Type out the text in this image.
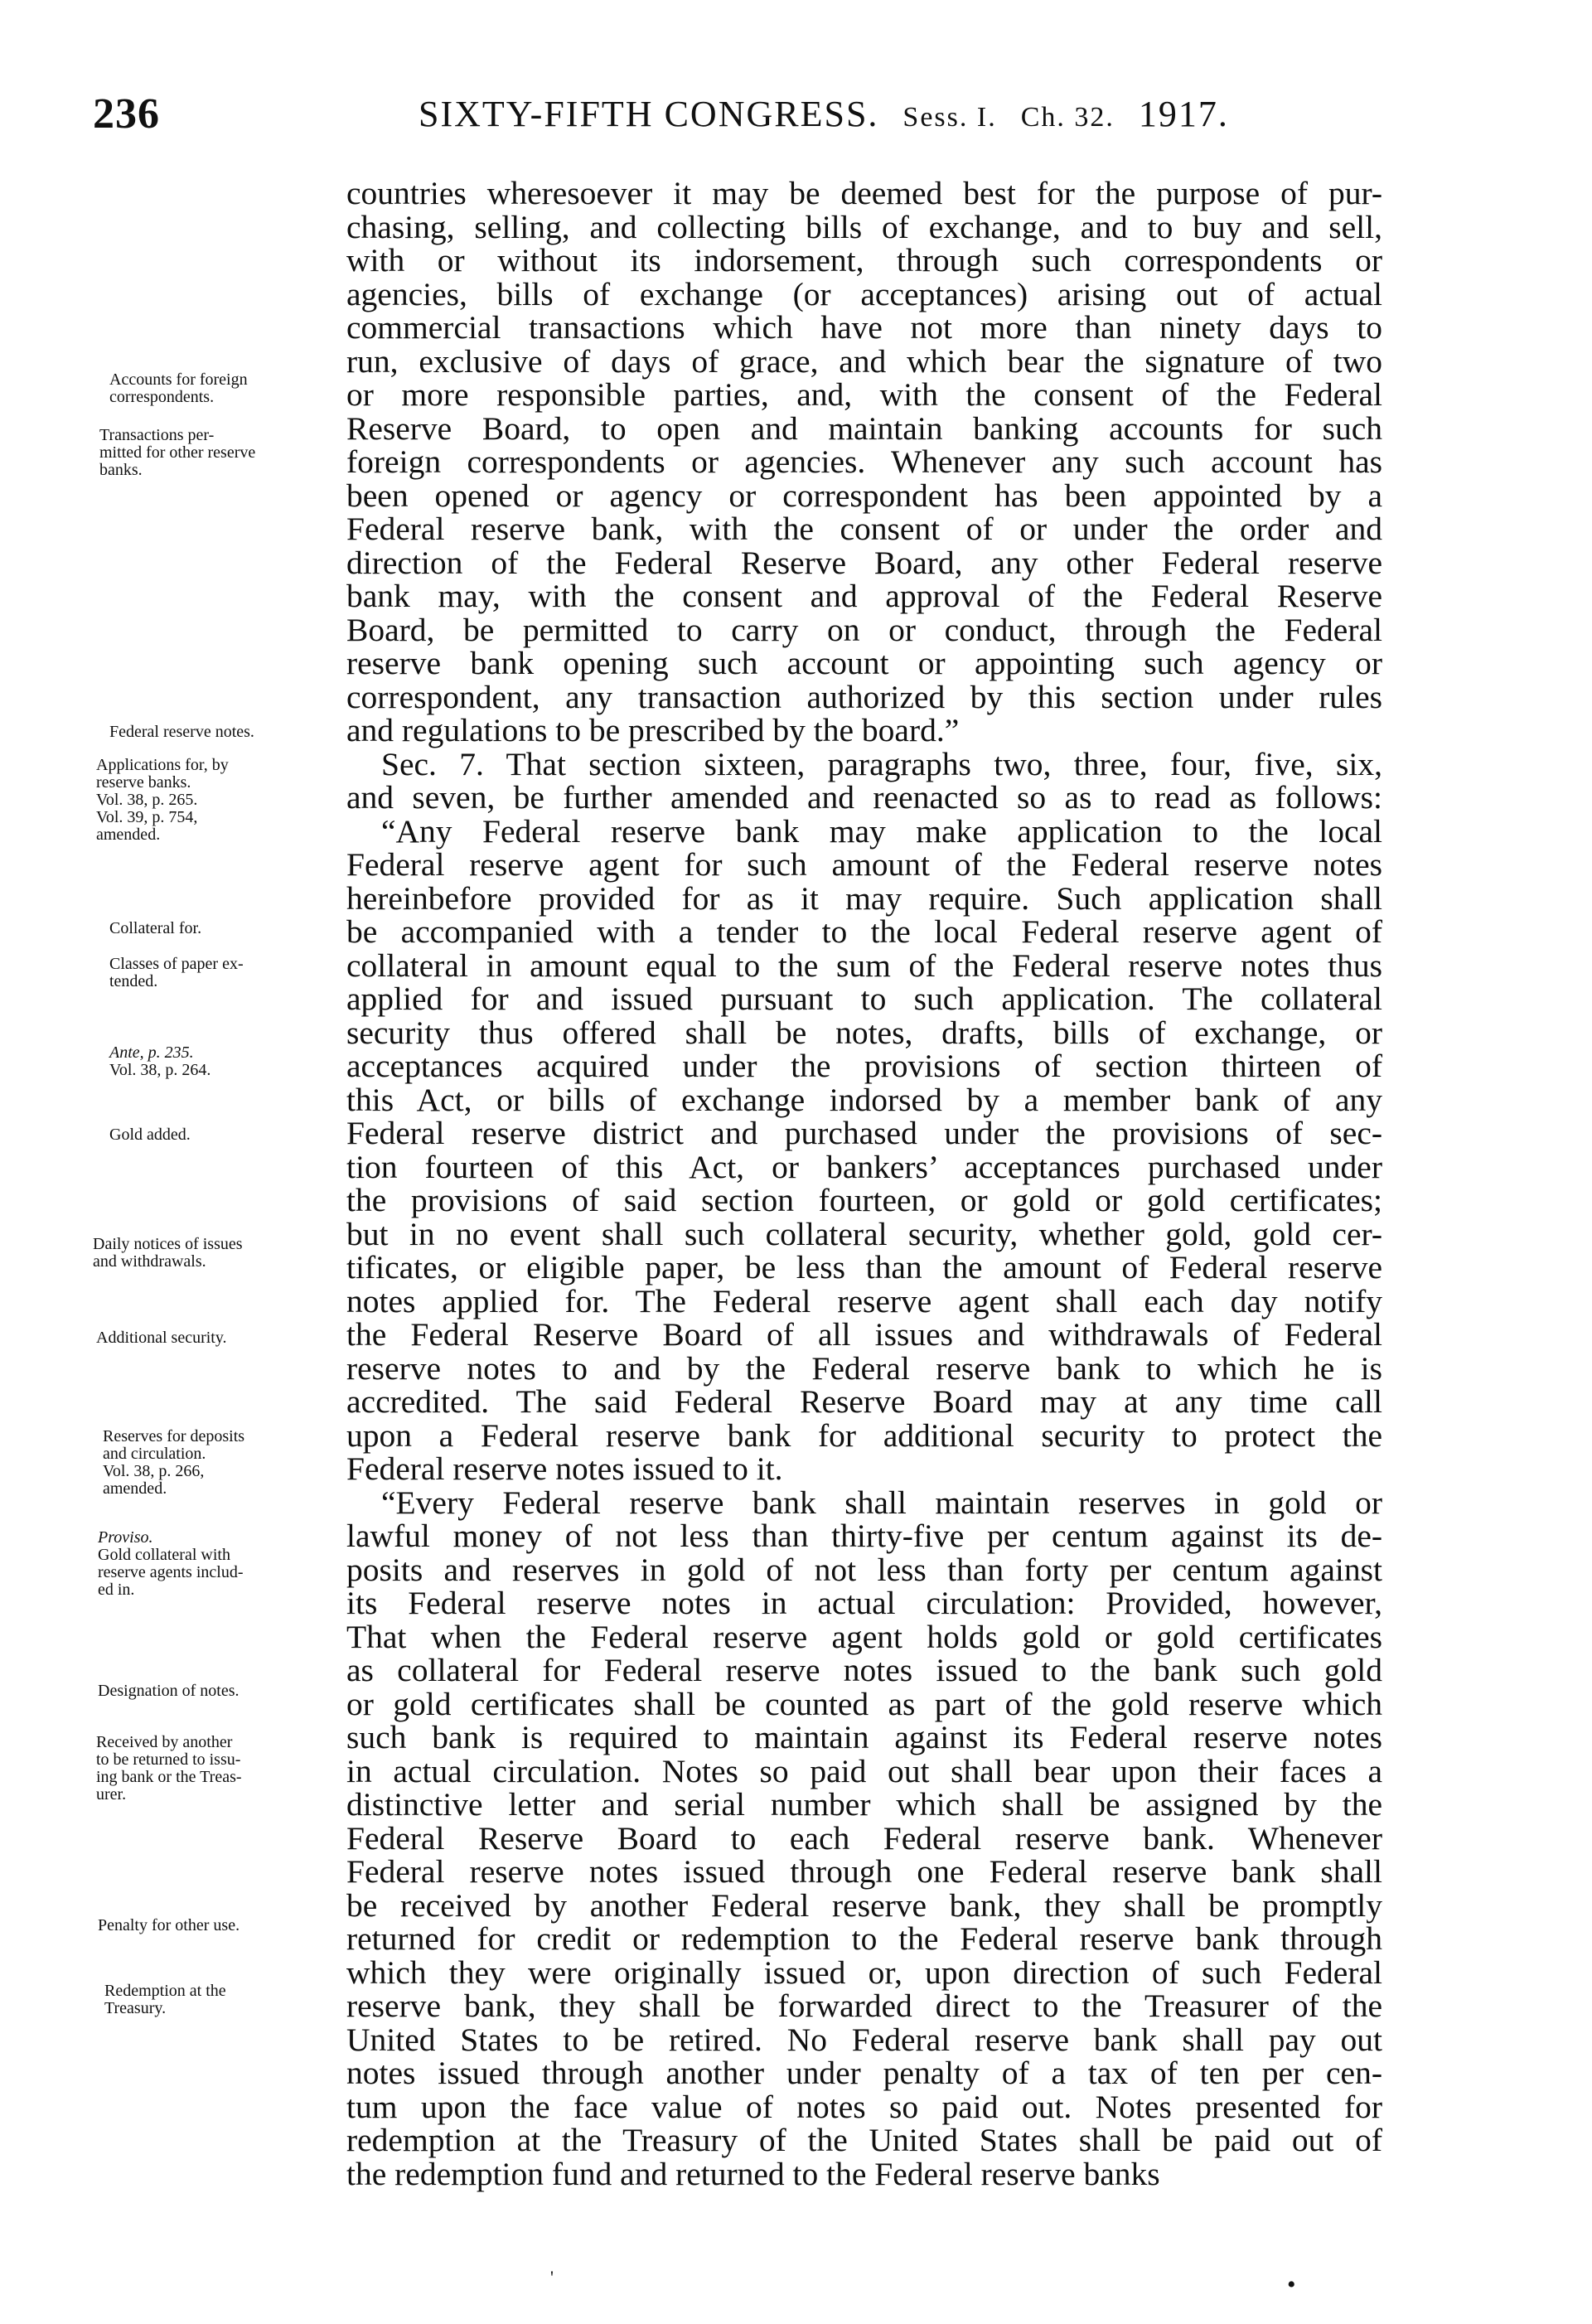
236	SIXTY-FIFTH CONGRESS. Sess. I. Ch. 32. 1917.
countries wheresoever it may be deemed best for the purpose of pur-
chasing, selling, and collecting bills of exchange, and to buy and sell,
with or without its indorsement, through such correspondents or
agencies, bills of exchange (or acceptances) arising out of actual
commercial transactions which have not more than ninety days to
run, exclusive of days of grace, and which bear the signature of two
or more responsible parties, and, with the consent of the Federal
Reserve Board, to open and maintain banking accounts for such
foreign correspondents or agencies. Whenever any such account has
been opened or agency or correspondent has been appointed by a
Federal reserve bank, with the consent of or under the order and
direction of the Federal Reserve Board, any other Federal reserve
bank may, with the consent and approval of the Federal Reserve
Board, be permitted to carry on or conduct, through the Federal
reserve bank opening such account or appointing such agency or
correspondent, any transaction authorized by this section under rules
and regulations to be prescribed by the board.”
Sec. 7. That section sixteen, paragraphs two, three, four, five, six,
and seven, be further amended and reenacted so as to read as follows:
“Any Federal reserve bank may make application to the local
Federal reserve agent for such amount of the Federal reserve notes
hereinbefore provided for as it may require. Such application shall
be accompanied with a tender to the local Federal reserve agent of
collateral in amount equal to the sum of the Federal reserve notes thus
applied for and issued pursuant to such application. The collateral
security thus offered shall be notes, drafts, bills of exchange, or
acceptances acquired under the provisions of section thirteen of
this Act, or bills of exchange indorsed by a member bank of any
Federal reserve district and purchased under the provisions of sec-
tion fourteen of this Act, or bankers’ acceptances purchased under
the provisions of said section fourteen, or gold or gold certificates;
but in no event shall such collateral security, whether gold, gold cer-
tificates, or eligible paper, be less than the amount of Federal reserve
notes applied for. The Federal reserve agent shall each day notify
the Federal Reserve Board of all issues and withdrawals of Federal
reserve notes to and by the Federal reserve bank to which he is
accredited. The said Federal Reserve Board may at any time call
upon a Federal reserve bank for additional security to protect the
Federal reserve notes issued to it.
“Every Federal reserve bank shall maintain reserves in gold or
lawful money of not less than thirty-five per centum against its de-
posits and reserves in gold of not less than forty per centum against
its Federal reserve notes in actual circulation: Provided, however,
That when the Federal reserve agent holds gold or gold certificates
as collateral for Federal reserve notes issued to the bank such gold
or gold certificates shall be counted as part of the gold reserve which
such bank is required to maintain against its Federal reserve notes
in actual circulation. Notes so paid out shall bear upon their faces a
distinctive letter and serial number which shall be assigned by the
Federal Reserve Board to each Federal reserve bank. Whenever
Federal reserve notes issued through one Federal reserve bank shall
be received by another Federal reserve bank, they shall be promptly
returned for credit or redemption to the Federal reserve bank through
which they were originally issued or, upon direction of such Federal
reserve bank, they shall be forwarded direct to the Treasurer of the
United States to be retired. No Federal reserve bank shall pay out
notes issued through another under penalty of a tax of ten per cen-
tum upon the face value of notes so paid out. Notes presented for
redemption at the Treasury of the United States shall be paid out of
the redemption fund and returned to the Federal reserve banks
Accounts for foreign
correspondents.
Transactions per-
mitted for other reserve
banks.
Federal reserve notes.
Applications for, by
reserve banks.
Vol. 38, p. 265.
Vol. 39, p. 754,
amended.
Collateral for.
Classes of paper ex-
tended.
Ante, p. 235.
Vol. 38, p. 264.
Gold added.
Daily notices of issues
and withdrawals.
Additional security.
Reserves for deposits
and circulation.
Vol. 38, p. 266,
amended.
Proviso.
Gold collateral with
reserve agents includ-
ed in.
Designation of notes.
Received by another
to be returned to issu-
ing bank or the Treas-
urer.
Penalty for other use.
Redemption at the
Treasury.
•
'
